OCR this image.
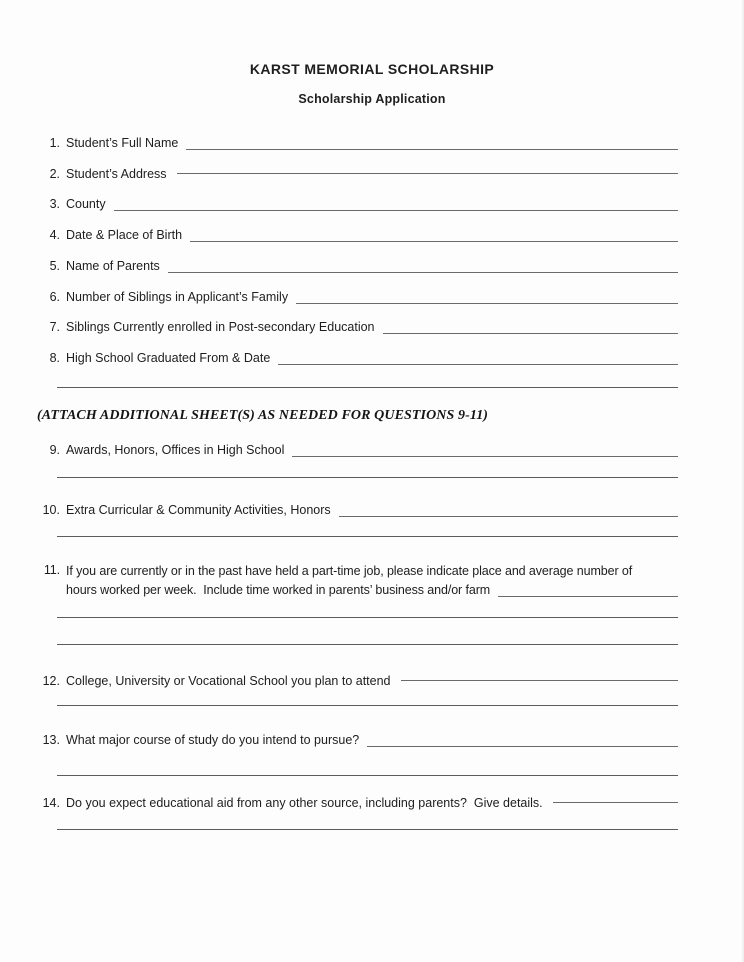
KARST MEMORIAL SCHOLARSHIP
Scholarship Application
1. Student’s Full Name
2. Student’s Address
3. County
4. Date & Place of Birth
5. Name of Parents
6. Number of Siblings in Applicant’s Family
7. Siblings Currently enrolled in Post-secondary Education
8. High School Graduated From & Date
(ATTACH ADDITIONAL SHEET(S) AS NEEDED FOR QUESTIONS 9-11)
9. Awards, Honors, Offices in High School
10. Extra Curricular & Community Activities, Honors
11. If you are currently or in the past have held a part-time job, please indicate place and average number of
hours worked per week.  Include time worked in parents’ business and/or farm
12. College, University or Vocational School you plan to attend
13. What major course of study do you intend to pursue?
14. Do you expect educational aid from any other source, including parents?  Give details.
